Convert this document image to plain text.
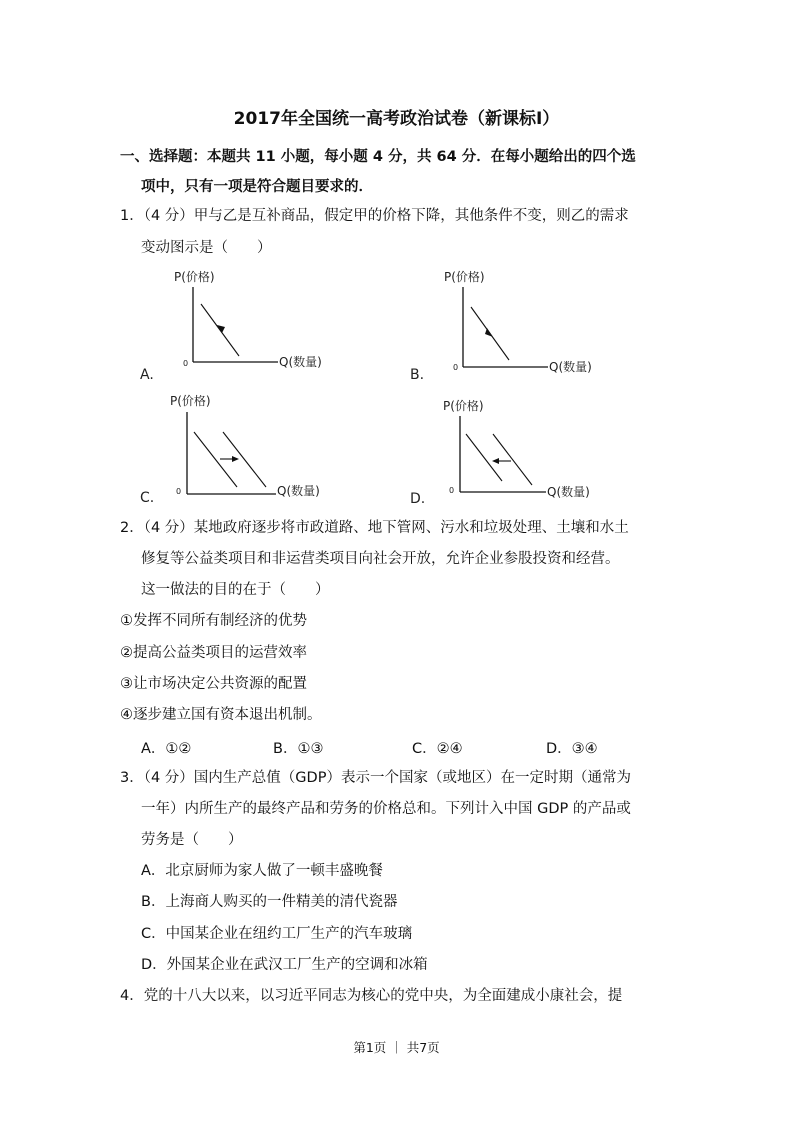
2017年全国统一高考政治试卷（新课标Ⅰ）
一、选择题：本题共 11 小题，每小题 4 分，共 64 分．在每小题给出的四个选
项中，只有一项是符合题目要求的．
1．（4 分）甲与乙是互补商品，假定甲的价格下降，其他条件不变，则乙的需求
变动图示是（　　）
P(价格)
0	Q(数量)
A.
P(价格)
0	Q(数量)
B.
P(价格)
0	Q(数量)
C.
P(价格)
0	Q(数量)
D.
2．（4 分）某地政府逐步将市政道路、地下管网、污水和垃圾处理、土壤和水土
修复等公益类项目和非运营类项目向社会开放，允许企业参股投资和经营。
这一做法的目的在于（　　）
①发挥不同所有制经济的优势
②提高公益类项目的运营效率
③让市场决定公共资源的配置
④逐步建立国有资本退出机制。
A．①②	B．①③	C．②④	D．③④
3．（4 分）国内生产总值（GDP）表示一个国家（或地区）在一定时期（通常为
一年）内所生产的最终产品和劳务的价格总和。下列计入中国 GDP 的产品或
劳务是（　　）
A．北京厨师为家人做了一顿丰盛晚餐
B．上海商人购买的一件精美的清代瓷器
C．中国某企业在纽约工厂生产的汽车玻璃
D．外国某企业在武汉工厂生产的空调和冰箱
4．党的十八大以来，以习近平同志为核心的党中央，为全面建成小康社会，提
第1页 ｜ 共7页
